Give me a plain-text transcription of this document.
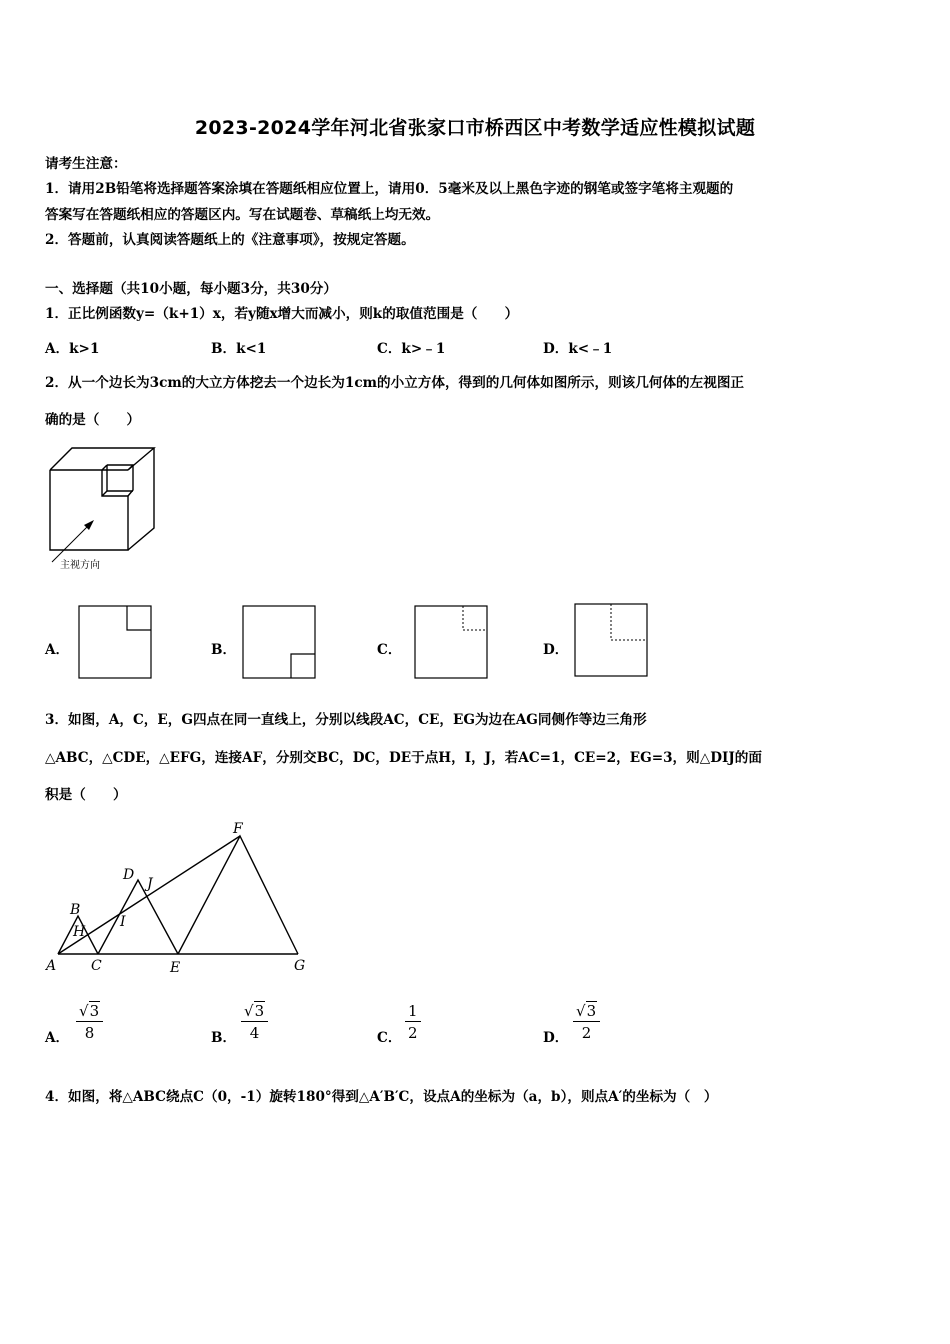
2023-2024学年河北省张家口市桥西区中考数学适应性模拟试题
请考生注意：
1．请用2B铅笔将选择题答案涂填在答题纸相应位置上，请用0．5毫米及以上黑色字迹的钢笔或签字笔将主观题的
答案写在答题纸相应的答题区内。写在试题卷、草稿纸上均无效。
2．答题前，认真阅读答题纸上的《注意事项》，按规定答题。
一、选择题（共10小题，每小题3分，共30分）
1．正比例函数y=（k+1）x，若y随x增大而减小，则k的取值范围是（　　）
A．k>1	B．k<1	C．k>﹣1	D．k<﹣1
2．从一个边长为3cm的大立方体挖去一个边长为1cm的小立方体，得到的几何体如图所示，则该几何体的左视图正
确的是（　　）
主视方向
A．	B．	C．	D．
3．如图，A，C，E，G四点在同一直线上，分别以线段AC，CE，EG为边在AG同侧作等边三角形
△ABC，△CDE，△EFG，连接AF，分别交BC，DC，DE于点H，I，J，若AC=1，CE=2，EG=3，则△DIJ的面
积是（　　）
A
B
C
D
E
F
G
H
I
J
A． $\frac{√3}{8}$	B． $\frac{√3}{4}$	C． $\frac{1}{2}$	D． $\frac{√3}{2}$
4．如图，将△ABC绕点C（0，-1）旋转180°得到△A′B′C，设点A的坐标为（a，b），则点A′的坐标为（　）
